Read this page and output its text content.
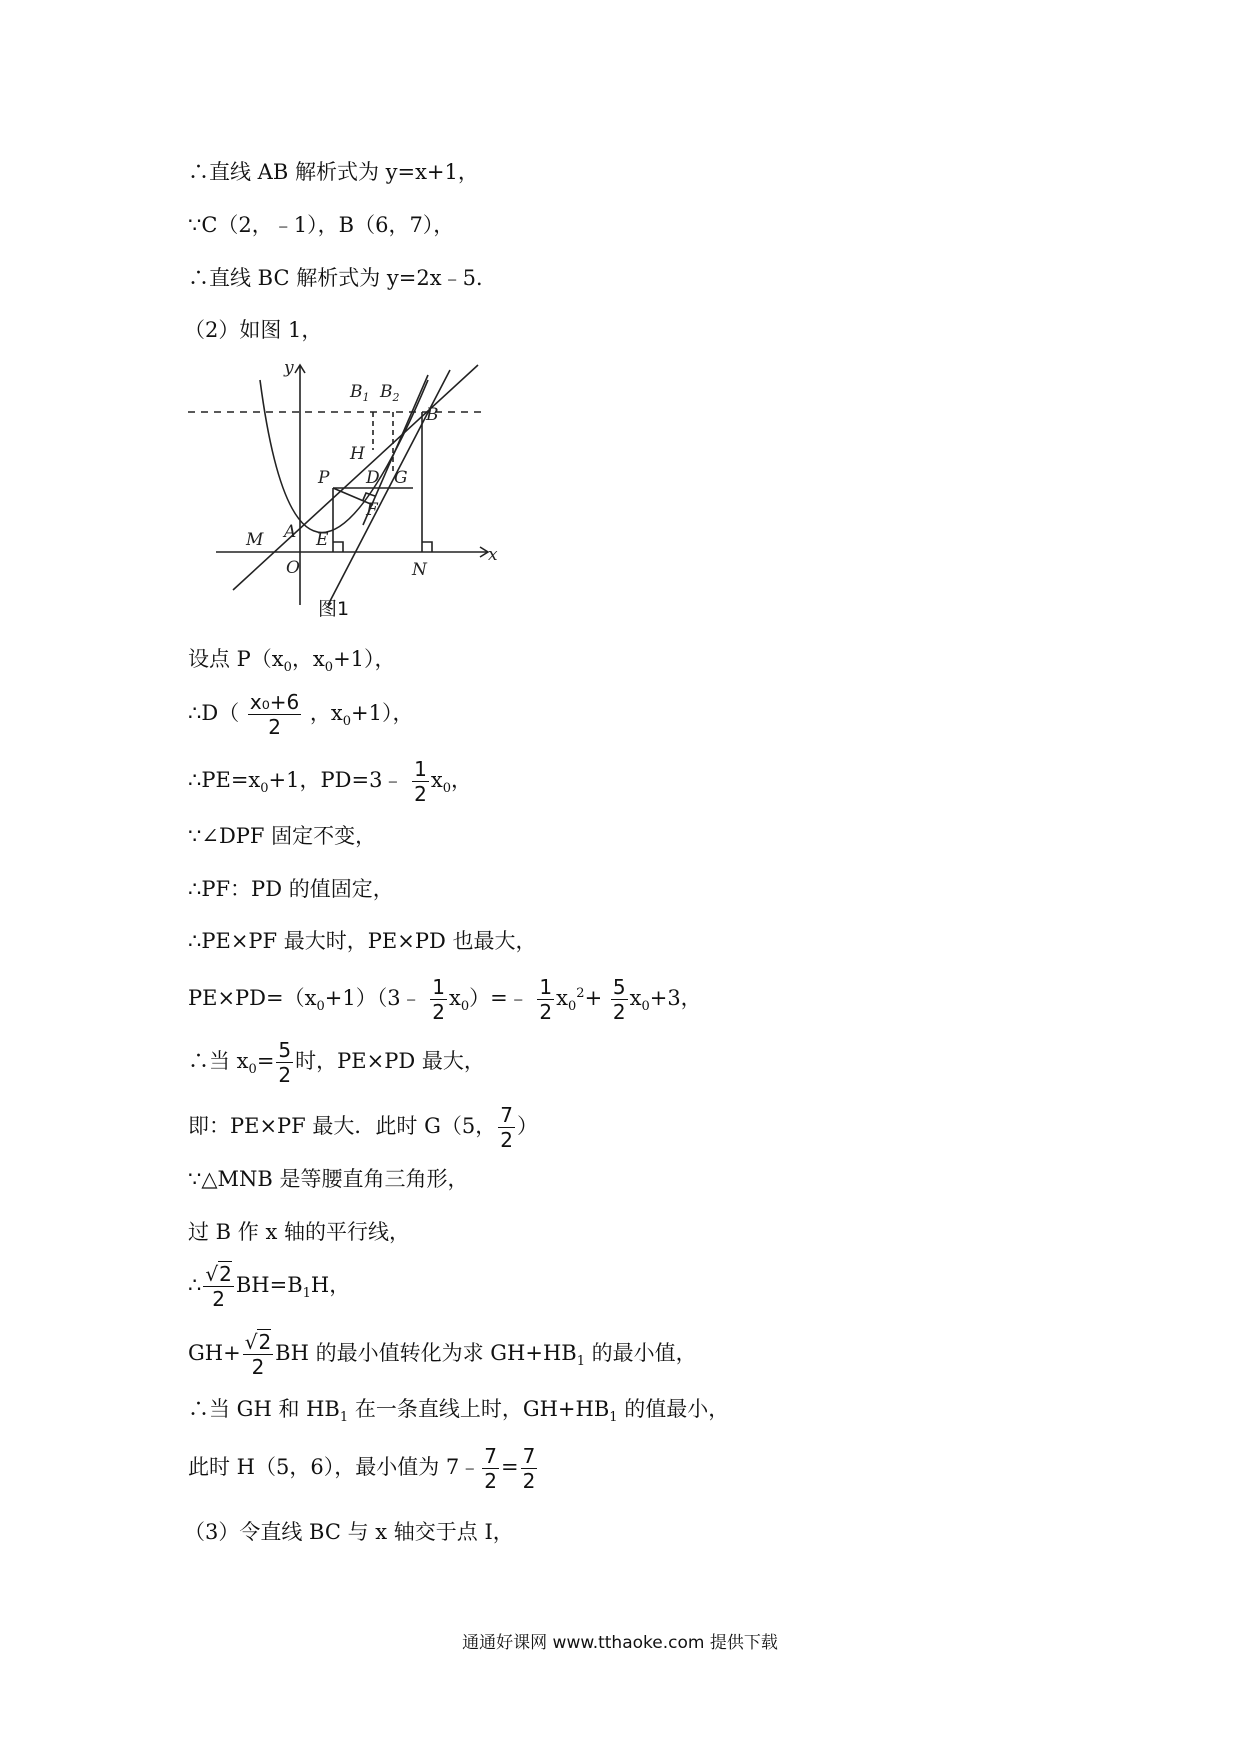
∴直线 AB 解析式为 y=x+1，
∵C（2，﹣1），B（6，7），
∴直线 BC 解析式为 y=2x﹣5．
（2）如图 1，
y
x
$B_1$ $B_2$
B
H
P D G
F
A
M	E
O	N
图1
设点 $P(x_0$，$x_0+1$），
∴D（ $\frac{\text{x₀+6}}{2}$ ，$x_0+1$），
$\therefore PE=x_0+1$，PD=3﹣ $\frac{1}{2} x_0$，
∵∠DPF 固定不变，
∴PF：PD 的值固定，
∴PE×PF 最大时，PE×PD 也最大，
$PE\times PD=(x_0+1)(3﹣ \frac{1}{2}$ $x_0)=﹣ \frac{1}{2} x_0^2+ \frac{5}{2} x_0+3$，
∴当 $x_0= \frac{5}{2}$ 时，PE×PD 最大，
即：PE×PF 最大．此时 G（5， $\frac{7}{2}$ ）
∵△MNB 是等腰直角三角形，
过 B 作 x 轴的平行线，
∴ $\frac{√2}{2} BH=B_1H$，
$GH+ \frac{√2}{2}$ BH 的最小值转化为求 $GH+HB_1$ 的最小值，
∴当 GH 和 $HB_1$ 在一条直线上时，$GH+HB_1$ 的值最小，
此时 H（5，6），最小值为 7﹣ $\frac{7}{2} = \frac{7}{2}$
（3）令直线 BC 与 x 轴交于点 I，
通通好课网 www.tthaoke.com 提供下载
